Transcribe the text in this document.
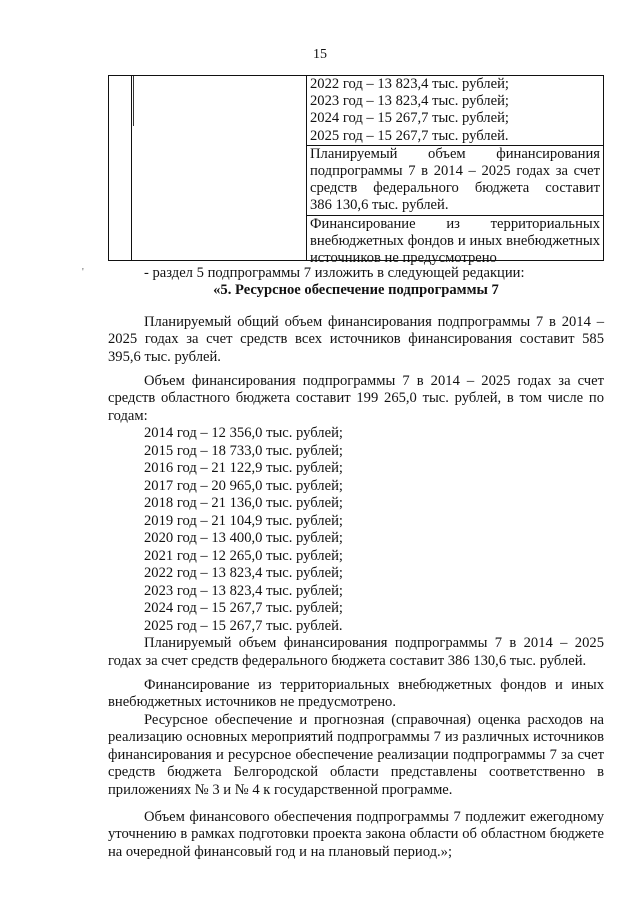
15
2022 год – 13 823,4 тыс. рублей;
2023 год – 13 823,4 тыс. рублей;
2024 год – 15 267,7 тыс. рублей;
2025 год – 15 267,7 тыс. рублей.
Планируемый объем финансирования
подпрограммы 7 в 2014 – 2025 годах за счет
средств федерального бюджета составит
386 130,6 тыс. рублей.
Финансирование из территориальных
внебюджетных фондов и иных внебюджетных
источников не предусмотрено
'	- раздел 5 подпрограммы 7 изложить в следующей редакции:
«5. Ресурсное обеспечение подпрограммы 7
Планируемый общий объем финансирования подпрограммы 7 в 2014 – 2025 годах за счет средств всех источников финансирования составит 585 395,6 тыс. рублей.
Объем финансирования подпрограммы 7 в 2014 – 2025 годах за счет средств областного бюджета составит 199 265,0 тыс. рублей, в том числе по годам:
2014 год – 12 356,0 тыс. рублей;
2015 год – 18 733,0 тыс. рублей;
2016 год – 21 122,9 тыс. рублей;
2017 год – 20 965,0 тыс. рублей;
2018 год – 21 136,0 тыс. рублей;
2019 год – 21 104,9 тыс. рублей;
2020 год – 13 400,0 тыс. рублей;
2021 год – 12 265,0 тыс. рублей;
2022 год – 13 823,4 тыс. рублей;
2023 год – 13 823,4 тыс. рублей;
2024 год – 15 267,7 тыс. рублей;
2025 год – 15 267,7 тыс. рублей.
Планируемый объем финансирования подпрограммы 7 в 2014 – 2025 годах за счет средств федерального бюджета составит 386 130,6 тыс. рублей.
Финансирование из территориальных внебюджетных фондов и иных внебюджетных источников не предусмотрено.
Ресурсное обеспечение и прогнозная (справочная) оценка расходов на реализацию основных мероприятий подпрограммы 7 из различных источников финансирования и ресурсное обеспечение реализации подпрограммы 7 за счет средств бюджета Белгородской области представлены соответственно в приложениях № 3 и № 4 к государственной программе.
Объем финансового обеспечения подпрограммы 7 подлежит ежегодному уточнению в рамках подготовки проекта закона области об областном бюджете на очередной финансовый год и на плановый период.»;
